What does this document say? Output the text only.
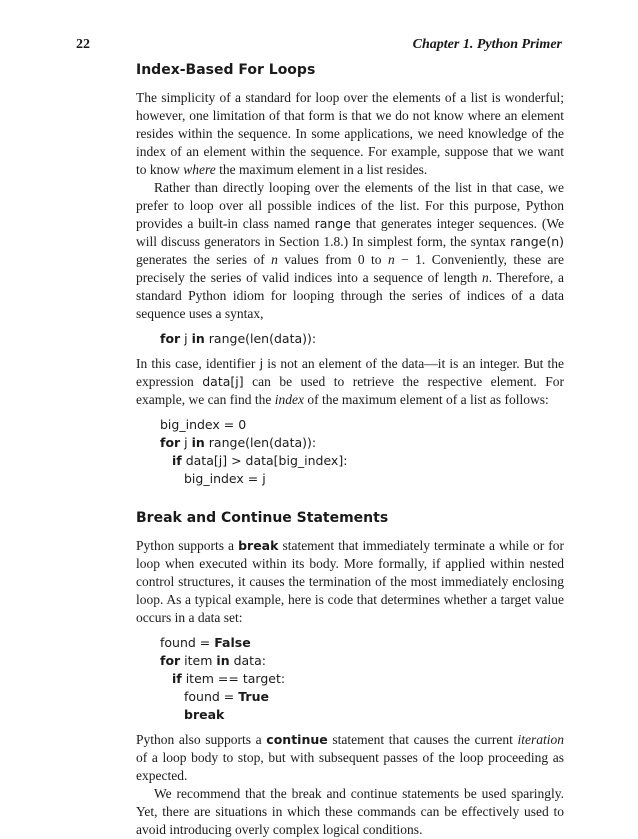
22	Chapter 1. Python Primer
Index-Based For Loops

The simplicity of a standard for loop over the elements of a list is wonderful; however, one limitation of that form is that we do not know where an element resides within the sequence. In some applications, we need knowledge of the index of an element within the sequence. For example, suppose that we want to know where the maximum element in a list resides.

Rather than directly looping over the elements of the list in that case, we prefer to loop over all possible indices of the list. For this purpose, Python provides a built-in class named range that generates integer sequences. (We will discuss generators in Section 1.8.) In simplest form, the syntax range(n) generates the series of n values from 0 to n − 1. Conveniently, these are precisely the series of valid indices into a sequence of length n. Therefore, a standard Python idiom for looping through the series of indices of a data sequence uses a syntax,

for j in range(len(data)):

In this case, identifier j is not an element of the data—it is an integer. But the expression data[j] can be used to retrieve the respective element. For example, we can find the index of the maximum element of a list as follows:

big_index = 0
for j in range(len(data)):
if data[j] > data[big_index]:
big_index = j
Break and Continue Statements

Python supports a break statement that immediately terminate a while or for loop when executed within its body. More formally, if applied within nested control structures, it causes the termination of the most immediately enclosing loop. As a typical example, here is code that determines whether a target value occurs in a data set:

found = False
for item in data:
if item == target:
found = True
break

Python also supports a continue statement that causes the current iteration of a loop body to stop, but with subsequent passes of the loop proceeding as expected.

We recommend that the break and continue statements be used sparingly. Yet, there are situations in which these commands can be effectively used to avoid introducing overly complex logical conditions.
